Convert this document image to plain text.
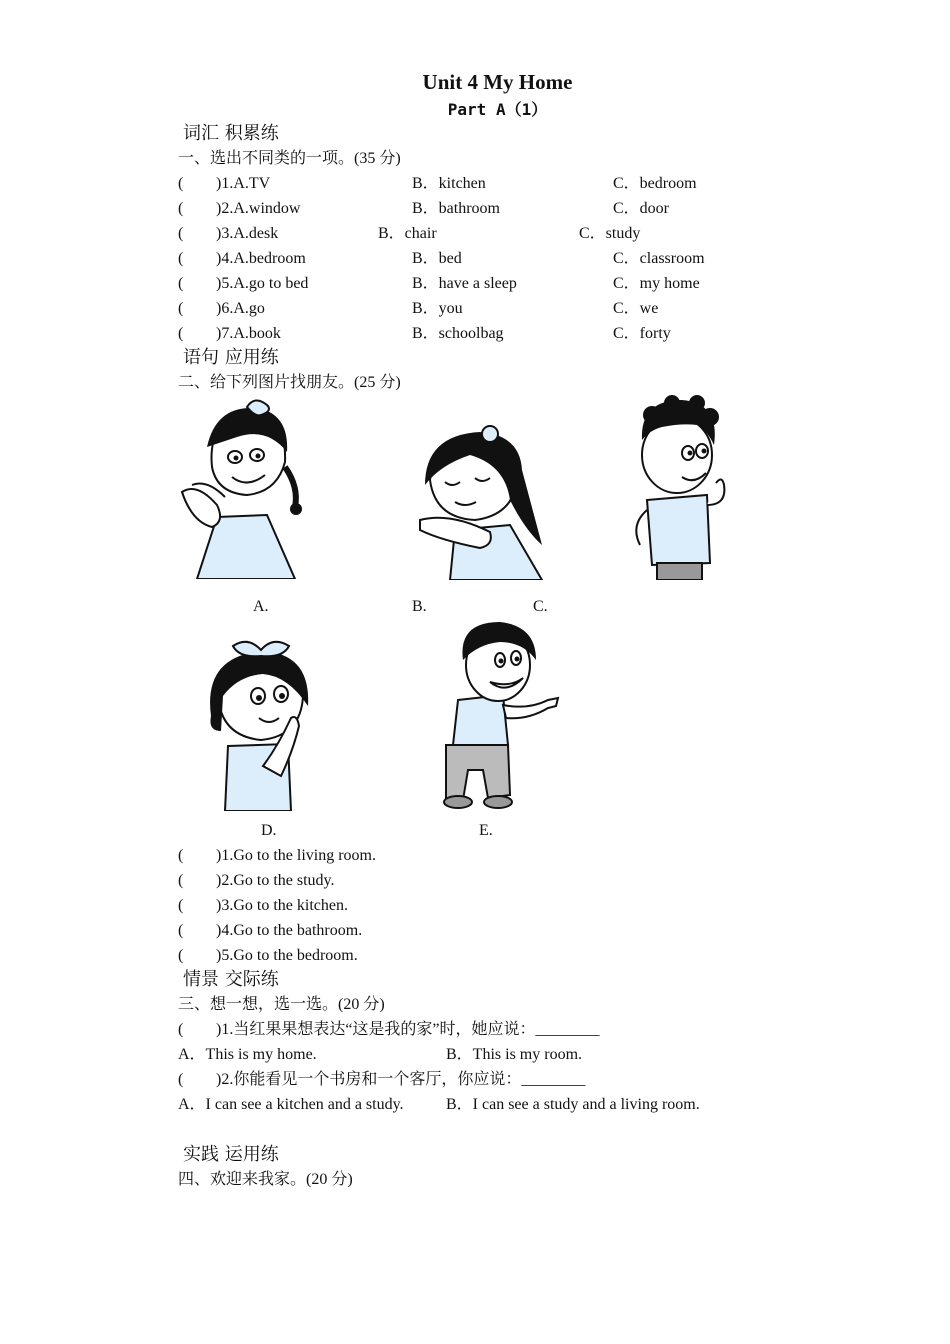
Unit 4 My Home
Part A（1）
词汇 积累练
一、选出不同类的一项。(35 分)
( )1.A.TV	B．kitchen	C．bedroom
( )2.A.window	B．bathroom	C．door
( )3.A.desk	B．chair	C．study
( )4.A.bedroom	B．bed	C．classroom
( )5.A.go to bed	B．have a sleep	C．my home
( )6.A.go	B．you	C．we
( )7.A.book	B．schoolbag	C．forty
语句 应用练
二、给下列图片找朋友。(25 分)
A.	B.	C.
D.	E.
( )1.Go to the living room.
( )2.Go to the study.
( )3.Go to the kitchen.
( )4.Go to the bathroom.
( )5.Go to the bedroom.
情景 交际练
三、想一想，选一选。(20 分)
( )1.当红果果想表达“这是我的家”时，她应说：________
A．This is my home.	B．This is my room.
( )2.你能看见一个书房和一个客厅，你应说：________
A．I can see a kitchen and a study.	B．I can see a study and a living room.
实践 运用练
四、欢迎来我家。(20 分)
